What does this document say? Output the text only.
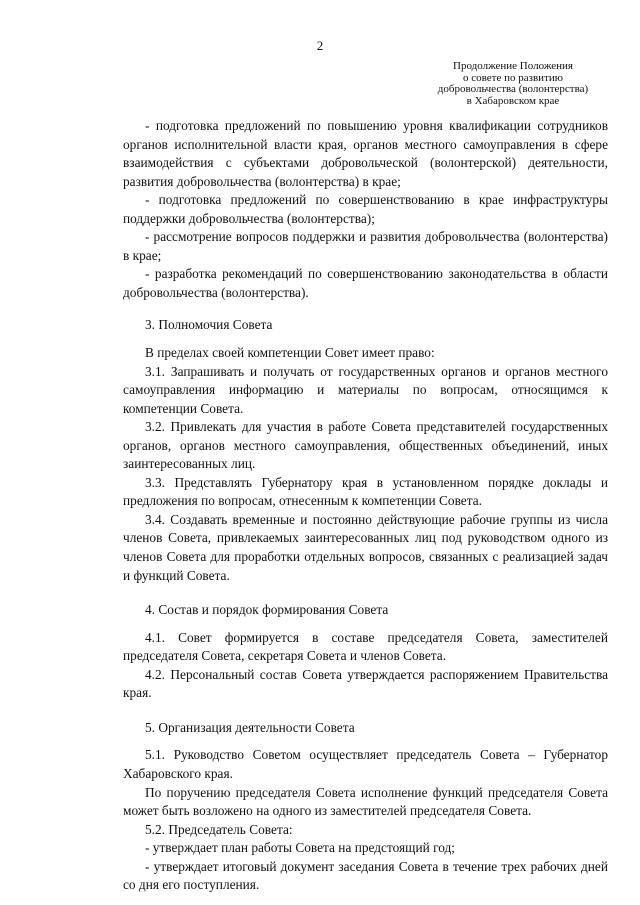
2
Продолжение Положения
о совете по развитию
добровольчества (волонтерства)
в Хабаровском крае

- подготовка предложений по повышению уровня квалификации сотрудников органов исполнительной власти края, органов местного самоуправления в сфере взаимодействия с субъектами добровольческой (волонтерской) деятельности, развития добровольчества (волонтерства) в крае;

- подготовка предложений по совершенствованию в крае инфраструктуры поддержки добровольчества (волонтерства);

- рассмотрение вопросов поддержки и развития добровольчества (волонтерства) в крае;

- разработка рекомендаций по совершенствованию законодательства в области добровольчества (волонтерства).

3. Полномочия Совета

В пределах своей компетенции Совет имеет право:

3.1. Запрашивать и получать от государственных органов и органов местного самоуправления информацию и материалы по вопросам, относящимся к компетенции Совета.

3.2. Привлекать для участия в работе Совета представителей государственных органов, органов местного самоуправления, общественных объединений, иных заинтересованных лиц.

3.3. Представлять Губернатору края в установленном порядке доклады и предложения по вопросам, отнесенным к компетенции Совета.

3.4. Создавать временные и постоянно действующие рабочие группы из числа членов Совета, привлекаемых заинтересованных лиц под руководством одного из членов Совета для проработки отдельных вопросов, связанных с реализацией задач и функций Совета.

4. Состав и порядок формирования Совета

4.1. Совет формируется в составе председателя Совета, заместителей председателя Совета, секретаря Совета и членов Совета.

4.2. Персональный состав Совета утверждается распоряжением Правительства края.

5. Организация деятельности Совета

5.1. Руководство Советом осуществляет председатель Совета – Губернатор Хабаровского края.

По поручению председателя Совета исполнение функций председателя Совета может быть возложено на одного из заместителей председателя Совета.

5.2. Председатель Совета:

- утверждает план работы Совета на предстоящий год;

- утверждает итоговый документ заседания Совета в течение трех рабочих дней со дня его поступления.
